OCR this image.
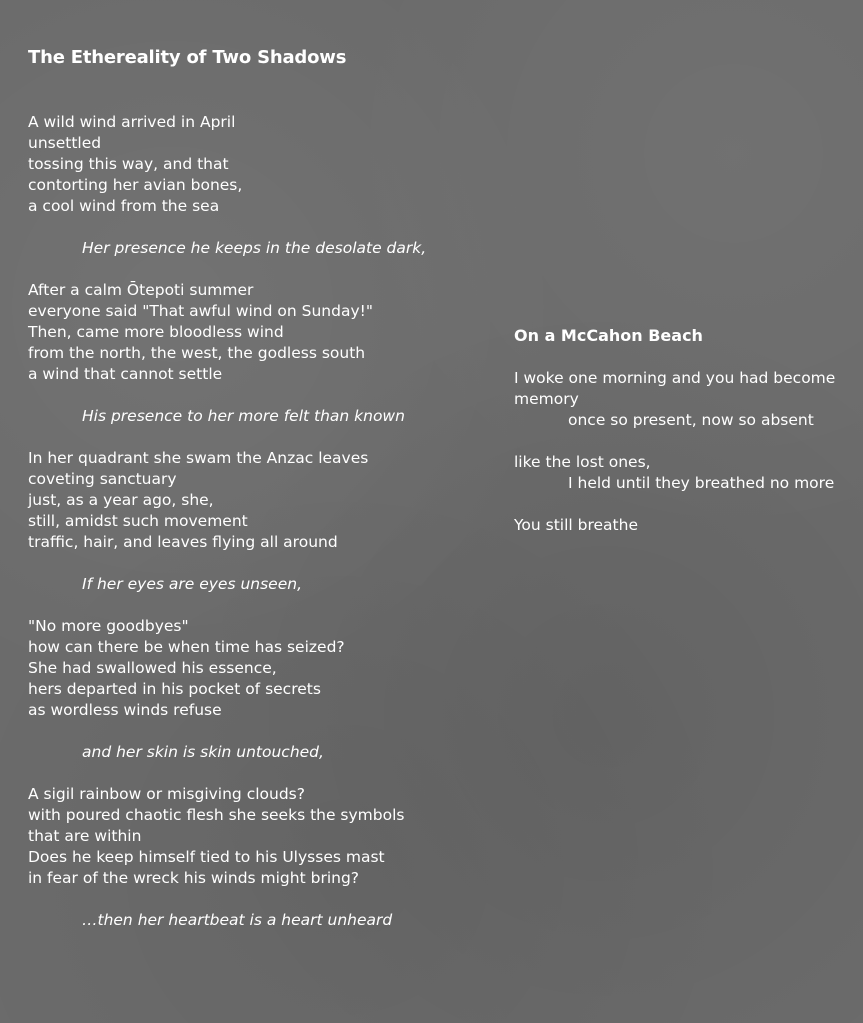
The Ethereality of Two Shadows
A wild wind arrived in April
unsettled
tossing this way, and that
contorting her avian bones,
a cool wind from the sea
Her presence he keeps in the desolate dark,
After a calm Ōtepoti summer
everyone said "That awful wind on Sunday!"
Then, came more bloodless wind
from the north, the west, the godless south
a wind that cannot settle
His presence to her more felt than known
In her quadrant she swam the Anzac leaves
coveting sanctuary
just, as a year ago, she,
still, amidst such movement
traffic, hair, and leaves flying all around
If her eyes are eyes unseen,
"No more goodbyes"
how can there be when time has seized?
She had swallowed his essence,
hers departed in his pocket of secrets
as wordless winds refuse
and her skin is skin untouched,
A sigil rainbow or misgiving clouds?
with poured chaotic flesh she seeks the symbols
that are within
Does he keep himself tied to his Ulysses mast
in fear of the wreck his winds might bring?
…then her heartbeat is a heart unheard
On a McCahon Beach
I woke one morning and you had become
memory
once so present, now so absent
like the lost ones,
I held until they breathed no more
You still breathe
